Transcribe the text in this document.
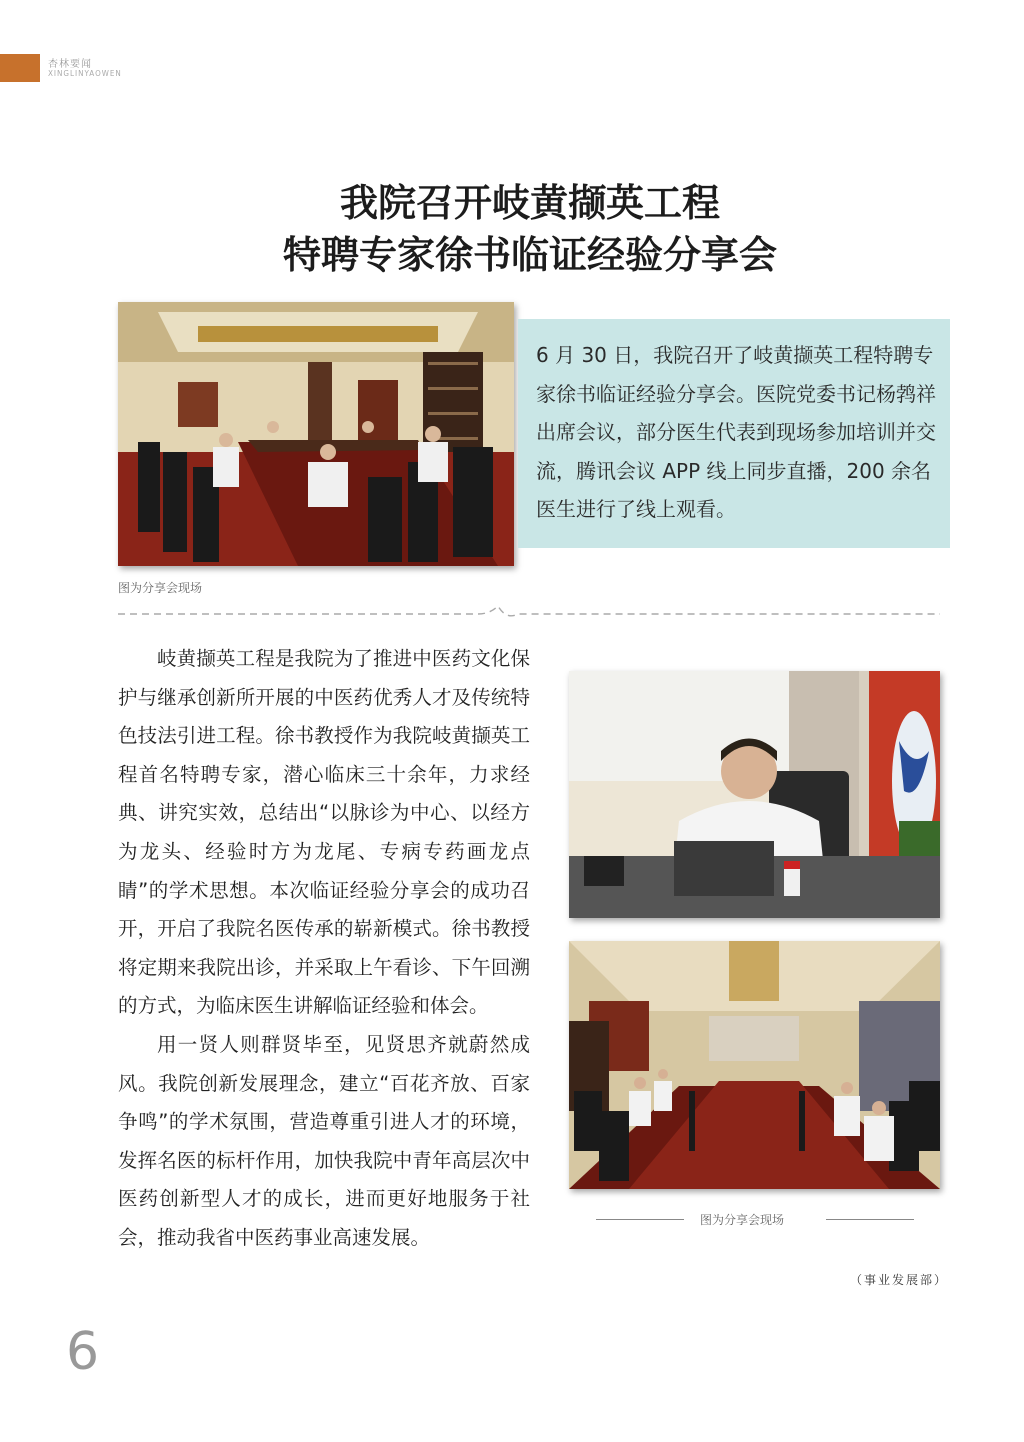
杏林要闻
XINGLINYAOWEN
我院召开岐黄撷英工程
特聘专家徐书临证经验分享会
6 月 30 日，我院召开了岐黄撷英工程特聘专家徐书临证经验分享会。医院党委书记杨鹁祥出席会议，部分医生代表到现场参加培训并交流，腾讯会议 APP 线上同步直播，200 余名医生进行了线上观看。
图为分享会现场

岐黄撷英工程是我院为了推进中医药文化保护与继承创新所开展的中医药优秀人才及传统特色技法引进工程。徐书教授作为我院岐黄撷英工程首名特聘专家，潜心临床三十余年，力求经典、讲究实效，总结出“以脉诊为中心、以经方为龙头、经验时方为龙尾、专病专药画龙点睛”的学术思想。本次临证经验分享会的成功召开，开启了我院名医传承的崭新模式。徐书教授将定期来我院出诊，并采取上午看诊、下午回溯的方式，为临床医生讲解临证经验和体会。

用一贤人则群贤毕至，见贤思齐就蔚然成风。我院创新发展理念，建立“百花齐放、百家争鸣”的学术氛围，营造尊重引进人才的环境，发挥名医的标杆作用，加快我院中青年高层次中医药创新型人才的成长，进而更好地服务于社会，推动我省中医药事业高速发展。

图为分享会现场
（事业发展部）
6
